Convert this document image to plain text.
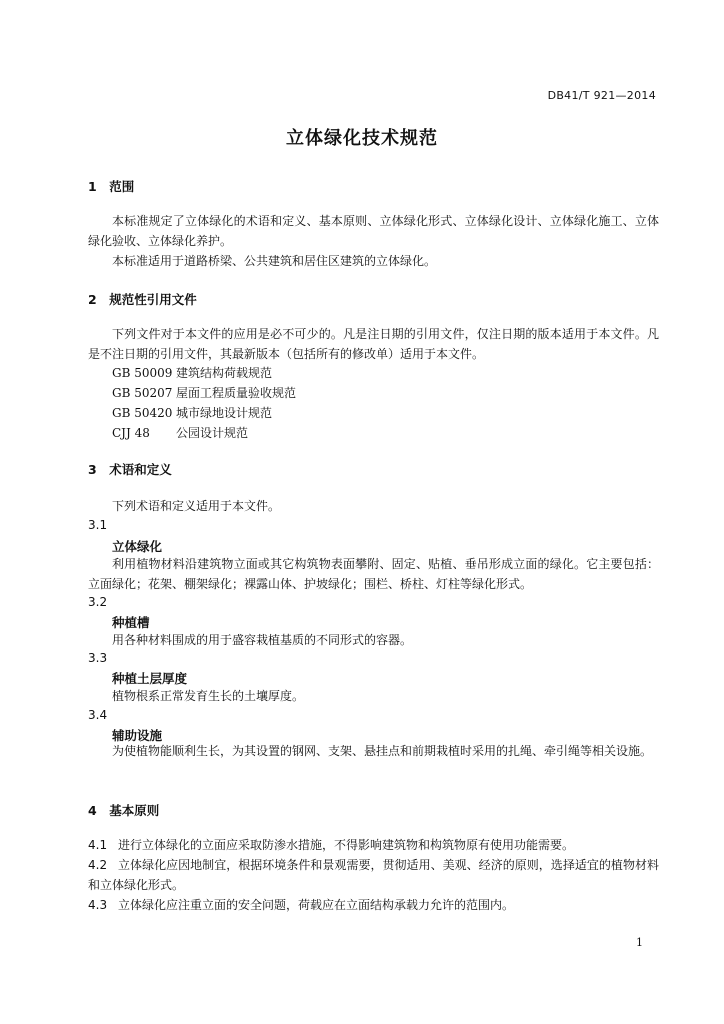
DB41/T 921—2014
立体绿化技术规范
1　范围

本标准规定了立体绿化的术语和定义、基本原则、立体绿化形式、立体绿化设计、立体绿化施工、立体绿化验收、立体绿化养护。

本标准适用于道路桥梁、公共建筑和居住区建筑的立体绿化。

2　规范性引用文件

下列文件对于本文件的应用是必不可少的。凡是注日期的引用文件，仅注日期的版本适用于本文件。凡是不注日期的引用文件，其最新版本（包括所有的修改单）适用于本文件。

GB 50009 建筑结构荷载规范
GB 50207 屋面工程质量验收规范
GB 50420 城市绿地设计规范
CJJ 48 公园设计规范
3　术语和定义
下列术语和定义适用于本文件。
3.1
立体绿化

利用植物材料沿建筑物立面或其它构筑物表面攀附、固定、贴植、垂吊形成立面的绿化。它主要包括：立面绿化；花架、棚架绿化；裸露山体、护坡绿化；围栏、桥柱、灯柱等绿化形式。

3.2
种植槽
用各种材料围成的用于盛容栽植基质的不同形式的容器。
3.3
种植土层厚度
植物根系正常发育生长的土壤厚度。
3.4
辅助设施

为使植物能顺利生长，为其设置的钢网、支架、悬挂点和前期栽植时采用的扎绳、牵引绳等相关设施。

4　基本原则

4.1 进行立体绿化的立面应采取防渗水措施，不得影响建筑物和构筑物原有使用功能需要。

4.2 立体绿化应因地制宜，根据环境条件和景观需要，贯彻适用、美观、经济的原则，选择适宜的植物材料和立体绿化形式。

4.3 立体绿化应注重立面的安全问题，荷载应在立面结构承载力允许的范围内。

1
